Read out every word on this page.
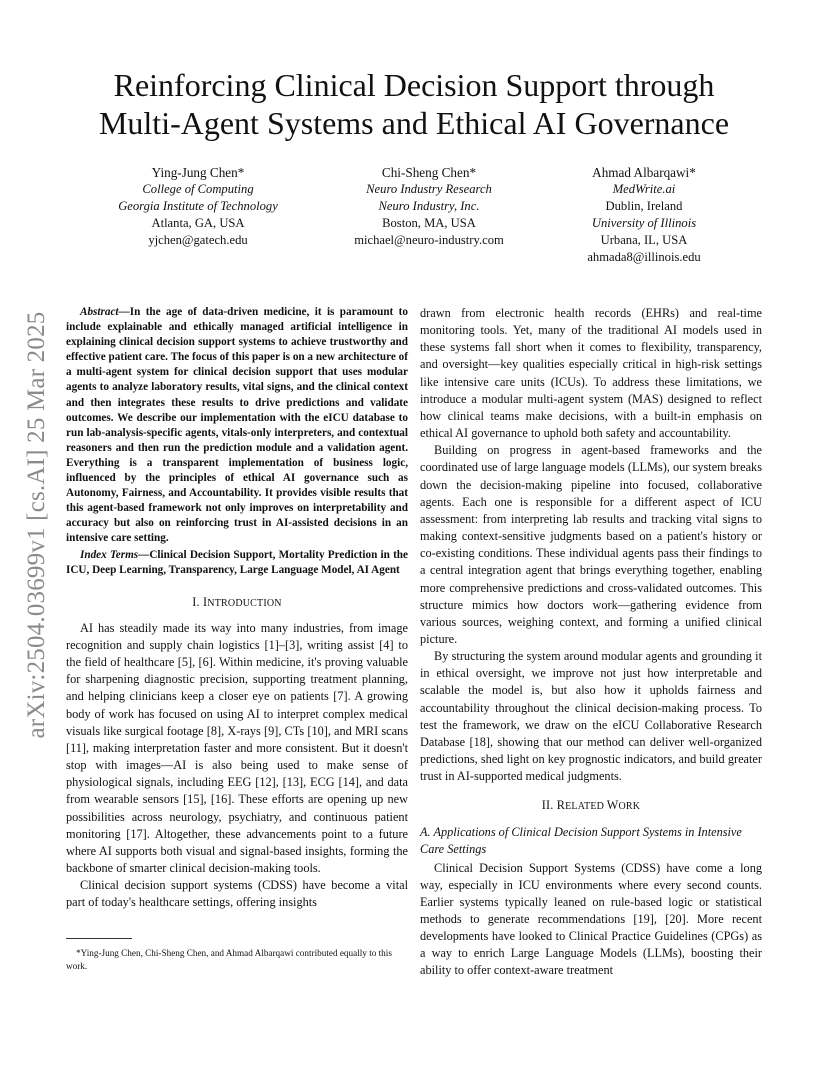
arXiv:2504.03699v1 [cs.AI] 25 Mar 2025
Reinforcing Clinical Decision Support through
Multi-Agent Systems and Ethical AI Governance
Ying-Jung Chen*
College of Computing
Georgia Institute of Technology
Atlanta, GA, USA
yjchen@gatech.edu
Chi-Sheng Chen*
Neuro Industry Research
Neuro Industry, Inc.
Boston, MA, USA
michael@neuro-industry.com
Ahmad Albarqawi*
MedWrite.ai
Dublin, Ireland
University of Illinois
Urbana, IL, USA
ahmada8@illinois.edu

Abstract—In the age of data-driven medicine, it is paramount to include explainable and ethically managed artificial intelligence in explaining clinical decision support systems to achieve trustworthy and effective patient care. The focus of this paper is on a new architecture of a multi-agent system for clinical decision support that uses modular agents to analyze laboratory results, vital signs, and the clinical context and then integrates these results to drive predictions and validate outcomes. We describe our implementation with the eICU database to run lab-analysis-specific agents, vitals-only interpreters, and contextual reasoners and then run the prediction module and a validation agent. Everything is a transparent implementation of business logic, influenced by the principles of ethical AI governance such as Autonomy, Fairness, and Accountability. It provides visible results that this agent-based framework not only improves on interpretability and accuracy but also on reinforcing trust in AI-assisted decisions in an intensive care setting.

Index Terms—Clinical Decision Support, Mortality Prediction in the ICU, Deep Learning, Transparency, Large Language Model, AI Agent

I. INTRODUCTION

AI has steadily made its way into many industries, from image recognition and supply chain logistics [1]–[3], writing assist [4] to the field of healthcare [5], [6]. Within medicine, it's proving valuable for sharpening diagnostic precision, supporting treatment planning, and helping clinicians keep a closer eye on patients [7]. A growing body of work has focused on using AI to interpret complex medical visuals like surgical footage [8], X-rays [9], CTs [10], and MRI scans [11], making interpretation faster and more consistent. But it doesn't stop with images—AI is also being used to make sense of physiological signals, including EEG [12], [13], ECG [14], and data from wearable sensors [15], [16]. These efforts are opening up new possibilities across neurology, psychiatry, and continuous patient monitoring [17]. Altogether, these advancements point to a future where AI supports both visual and signal-based insights, forming the backbone of smarter clinical decision-making tools.

Clinical decision support systems (CDSS) have become a vital part of today's healthcare settings, offering insights

drawn from electronic health records (EHRs) and real-time monitoring tools. Yet, many of the traditional AI models used in these systems fall short when it comes to flexibility, transparency, and oversight—key qualities especially critical in high-risk settings like intensive care units (ICUs). To address these limitations, we introduce a modular multi-agent system (MAS) designed to reflect how clinical teams make decisions, with a built-in emphasis on ethical AI governance to uphold both safety and accountability.

Building on progress in agent-based frameworks and the coordinated use of large language models (LLMs), our system breaks down the decision-making pipeline into focused, collaborative agents. Each one is responsible for a different aspect of ICU assessment: from interpreting lab results and tracking vital signs to making context-sensitive judgments based on a patient's history or co-existing conditions. These individual agents pass their findings to a central integration agent that brings everything together, enabling more comprehensive predictions and cross-validated outcomes. This structure mimics how doctors work—gathering evidence from various sources, weighing context, and forming a unified clinical picture.

By structuring the system around modular agents and grounding it in ethical oversight, we improve not just how interpretable and scalable the model is, but also how it upholds fairness and accountability throughout the clinical decision-making process. To test the framework, we draw on the eICU Collaborative Research Database [18], showing that our method can deliver well-organized predictions, shed light on key prognostic indicators, and build greater trust in AI-supported medical judgments.

II. RELATED WORK
A. Applications of Clinical Decision Support Systems in Intensive Care Settings

Clinical Decision Support Systems (CDSS) have come a long way, especially in ICU environments where every second counts. Earlier systems typically leaned on rule-based logic or statistical methods to generate recommendations [19], [20]. More recent developments have looked to Clinical Practice Guidelines (CPGs) as a way to enrich Large Language Models (LLMs), boosting their ability to offer context-aware treatment

*Ying-Jung Chen, Chi-Sheng Chen, and Ahmad Albarqawi contributed equally to this work.
